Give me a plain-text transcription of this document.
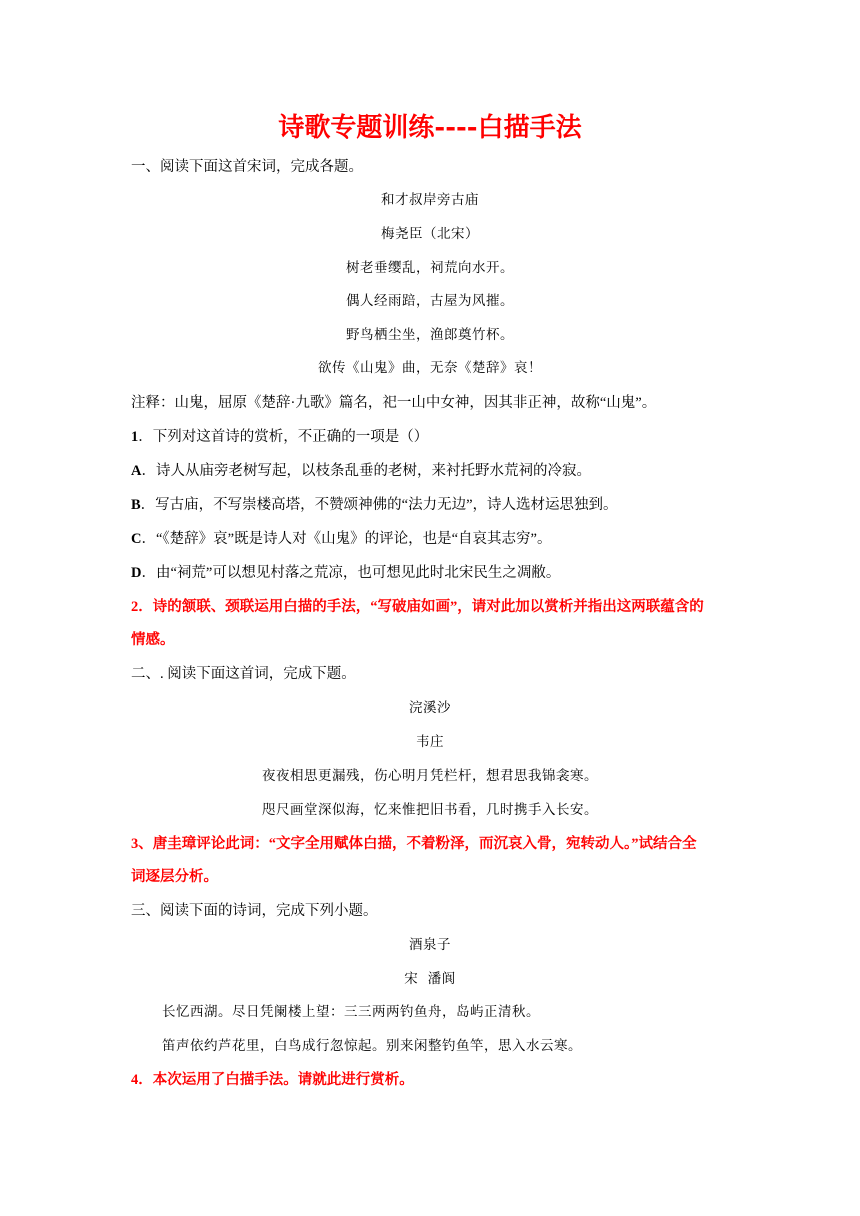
诗歌专题训练----白描手法
一、阅读下面这首宋词，完成各题。
和才叔岸旁古庙
梅尧臣（北宋）
树老垂缨乱，祠荒向水开。
偶人经雨踣，古屋为风摧。
野鸟栖尘坐，渔郎奠竹杯。
欲传《山鬼》曲，无奈《楚辞》哀！
注释：山鬼，屈原《楚辞·九歌》篇名，祀一山中女神，因其非正神，故称“山鬼”。
1．下列对这首诗的赏析，不正确的一项是（）
A．诗人从庙旁老树写起，以枝条乱垂的老树，来衬托野水荒祠的冷寂。
B．写古庙，不写崇楼高塔，不赞颂神佛的“法力无边”，诗人选材运思独到。
C．“《楚辞》哀”既是诗人对《山鬼》的评论，也是“自哀其志穷”。
D．由“祠荒”可以想见村落之荒凉，也可想见此时北宋民生之凋敝。
2．诗的颔联、颈联运用白描的手法，“写破庙如画”，请对此加以赏析并指出这两联蕴含的
情感。
二、. 阅读下面这首词，完成下题。
浣溪沙
韦庄
夜夜相思更漏残，伤心明月凭栏杆，想君思我锦衾寒。
咫尺画堂深似海，忆来惟把旧书看，几时携手入长安。
3、唐圭璋评论此词：“文字全用赋体白描，不着粉泽，而沉哀入骨，宛转动人。”试结合全
词逐层分析。
三、阅读下面的诗词，完成下列小题。
酒泉子
宋  潘阆
长忆西湖。尽日凭阑楼上望：三三两两钓鱼舟，岛屿正清秋。
笛声依约芦花里，白鸟成行忽惊起。别来闲整钓鱼竿，思入水云寒。
4．本次运用了白描手法。请就此进行赏析。
